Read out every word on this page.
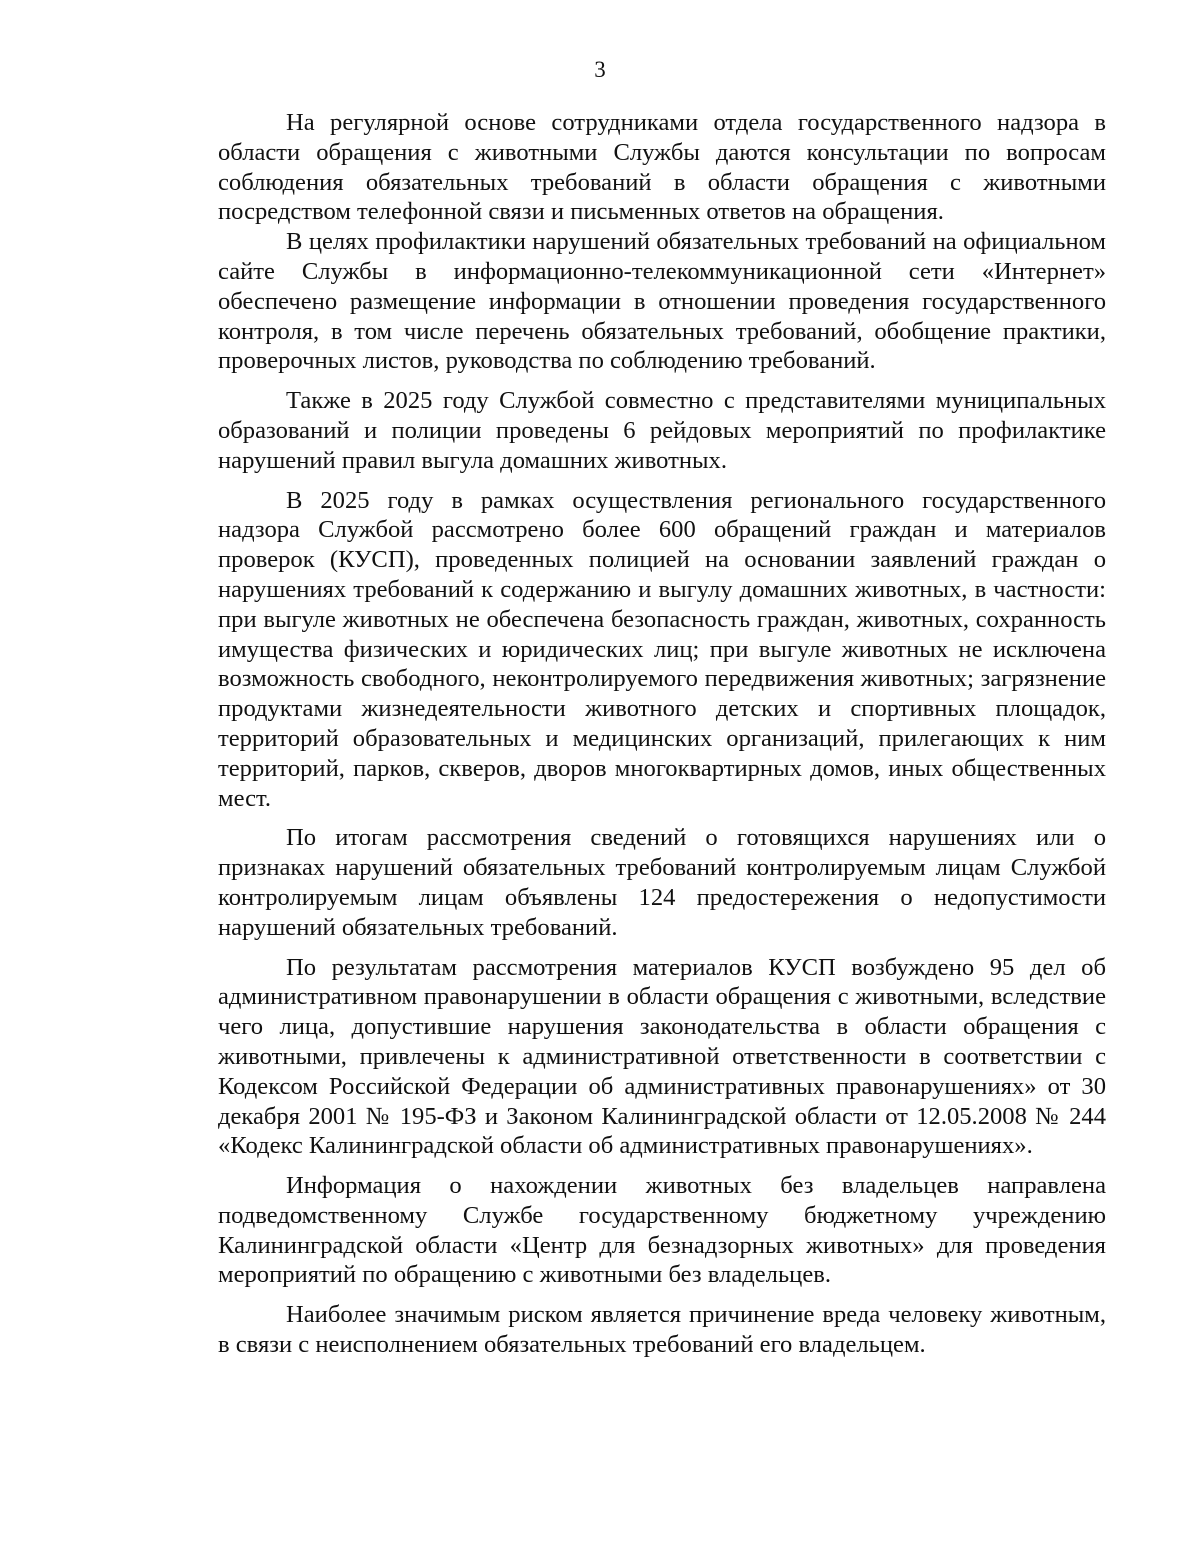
3

На регулярной основе сотрудниками отдела государственного надзора в области обращения с животными Службы даются консультации по вопросам соблюдения обязательных требований в области обращения с животными посредством телефонной связи и письменных ответов на обращения.

В целях профилактики нарушений обязательных требований на официальном сайте Службы в информационно-телекоммуникационной сети «Интернет» обеспечено размещение информации в отношении проведения государственного контроля, в том числе перечень обязательных требований, обобщение практики, проверочных листов, руководства по соблюдению требований.

Также в 2025 году Службой совместно с представителями муниципальных образований и полиции проведены 6 рейдовых мероприятий по профилактике нарушений правил выгула домашних животных.

В 2025 году в рамках осуществления регионального государственного надзора Службой рассмотрено более 600 обращений граждан и материалов проверок (КУСП), проведенных полицией на основании заявлений граждан о нарушениях требований к содержанию и выгулу домашних животных, в частности: при выгуле животных не обеспечена безопасность граждан, животных, сохранность имущества физических и юридических лиц; при выгуле животных не исключена возможность свободного, неконтролируемого передвижения животных; загрязнение продуктами жизнедеятельности животного детских и спортивных площадок, территорий образовательных и медицинских организаций, прилегающих к ним территорий, парков, скверов, дворов многоквартирных домов, иных общественных мест.

По итогам рассмотрения сведений о готовящихся нарушениях или о признаках нарушений обязательных требований контролируемым лицам Службой контролируемым лицам объявлены 124 предостережения о недопустимости нарушений обязательных требований.

По результатам рассмотрения материалов КУСП возбуждено 95 дел об административном правонарушении в области обращения с животными, вследствие чего лица, допустившие нарушения законодательства в области обращения с животными, привлечены к административной ответственности в соответствии с Кодексом Российской Федерации об административных правонарушениях» от 30 декабря 2001 № 195-ФЗ и Законом Калининградской области от 12.05.2008 № 244 «Кодекс Калининградской области об административных правонарушениях».

Информация о нахождении животных без владельцев направлена подведомственному Службе государственному бюджетному учреждению Калининградской области «Центр для безнадзорных животных» для проведения мероприятий по обращению с животными без владельцев.

Наиболее значимым риском является причинение вреда человеку животным, в связи с неисполнением обязательных требований его владельцем.
